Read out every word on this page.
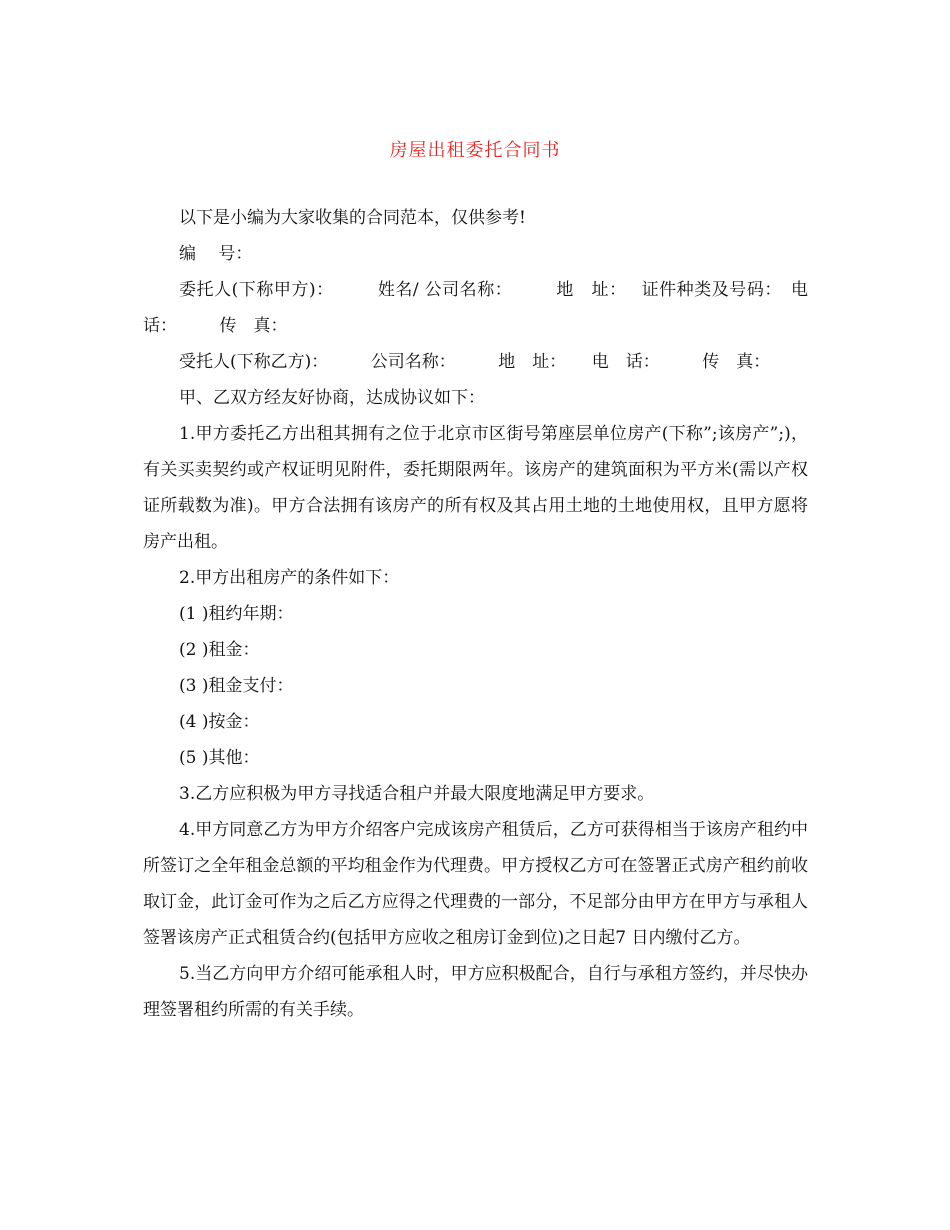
房屋出租委托合同书

以下是小编为大家收集的合同范本，仅供参考!

编　 号：

委托人(下称甲方)：　　　姓名/ 公司名称：　　　地　址：　 证件种类及号码：　电　话：　　　传　真：

受托人(下称乙方)：　　　公司名称：　　　地　址：　　电　话：　　　传　真：

甲、乙双方经友好协商，达成协议如下：

1.甲方委托乙方出租其拥有之位于北京市区街号第座层单位房产(下称”;该房产”;)，有关买卖契约或产权证明见附件，委托期限两年。该房产的建筑面积为平方米(需以产权证所载数为准)。甲方合法拥有该房产的所有权及其占用土地的土地使用权，且甲方愿将房产出租。

2.甲方出租房产的条件如下：

(1 )租约年期：

(2 )租金：

(3 )租金支付：

(4 )按金：

(5 )其他：

3.乙方应积极为甲方寻找适合租户并最大限度地满足甲方要求。

4.甲方同意乙方为甲方介绍客户完成该房产租赁后，乙方可获得相当于该房产租约中所签订之全年租金总额的平均租金作为代理费。甲方授权乙方可在签署正式房产租约前收取订金，此订金可作为之后乙方应得之代理费的一部分，不足部分由甲方在甲方与承租人签署该房产正式租赁合约(包括甲方应收之租房订金到位)之日起7 日内缴付乙方。

5.当乙方向甲方介绍可能承租人时，甲方应积极配合，自行与承租方签约，并尽快办理签署租约所需的有关手续。
